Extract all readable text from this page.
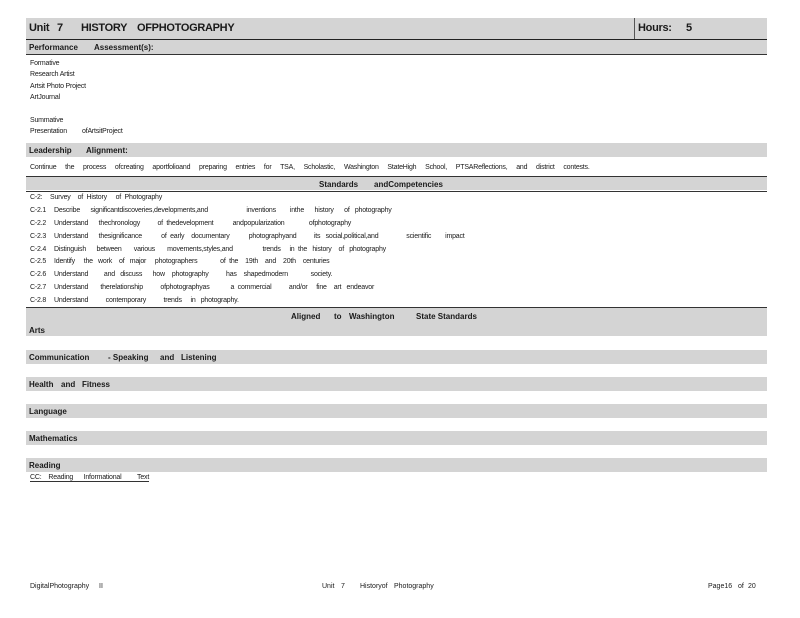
Unit 7 HISTORY OFPHOTOGRAPHY	Hours: 5
Performance Assessment(s):
Formative
Research Artist
Artsit Photo Project
ArtJournal
Summative
Presentation ofArtsitProject
Leadership Alignment:
Continue the process ofcreating aportfolioand preparing entries for TSA, Scholastic, Washington StateHigh School, PTSAReflections, and district contests.
Standards andCompetencies
C-2: Survey    of  History     of  Photography
C-2.1 Describe      significantdiscoveries,developments,and                      inventions        inthe      history      of   photography
C-2.2 Understand      thechronology          of  thedevelopment           andpopularization              ofphotography
C-2.3 Understand      thesignificance           of  early    documentary           photographyand          its   social,political,and                scientific        impact
C-2.4 Distinguish      between       various       movements,styles,and                 trends     in  the   history    of   photography
C-2.5 Identify     the   work    of   major     photographers             of  the    19th    and    20th    centuries
C-2.6 Understand         and   discuss      how    photography          has    shapedmodern             society.
C-2.7 Understand       therelationship          ofphotographyas            a  commercial          and/or     fine    art   endeavor
C-2.8 Understand          contemporary          trends     in   photography.
Aligned to Washington	State Standards
Arts
Communication - Speaking and Listening
Health and Fitness
Language
Mathematics
Reading
CC:    Reading      Informational         Text
DigitalPhotography II	Unit 7 Historyof Photography	Page16 of 20
